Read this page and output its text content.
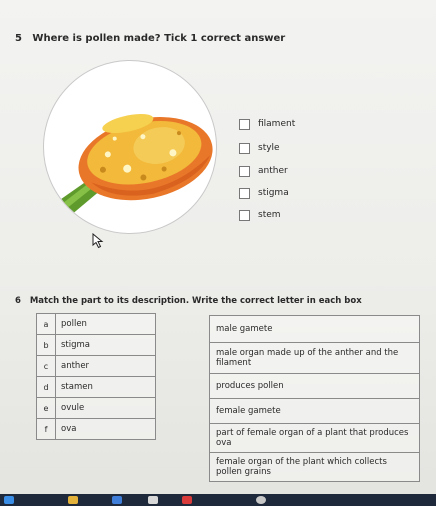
5 Where is pollen made? Tick 1 correct answer
filament
style
anther
stigma
stem
6 Match the part to its description. Write the correct letter in each box
a	pollen
b	stigma
c	anther
d	stamen
e	ovule
f	ova
male gamete
male organ made up of the anther and the filament
produces pollen
female gamete
part of female organ of a plant that produces ova
female organ of the plant which collects pollen grains
